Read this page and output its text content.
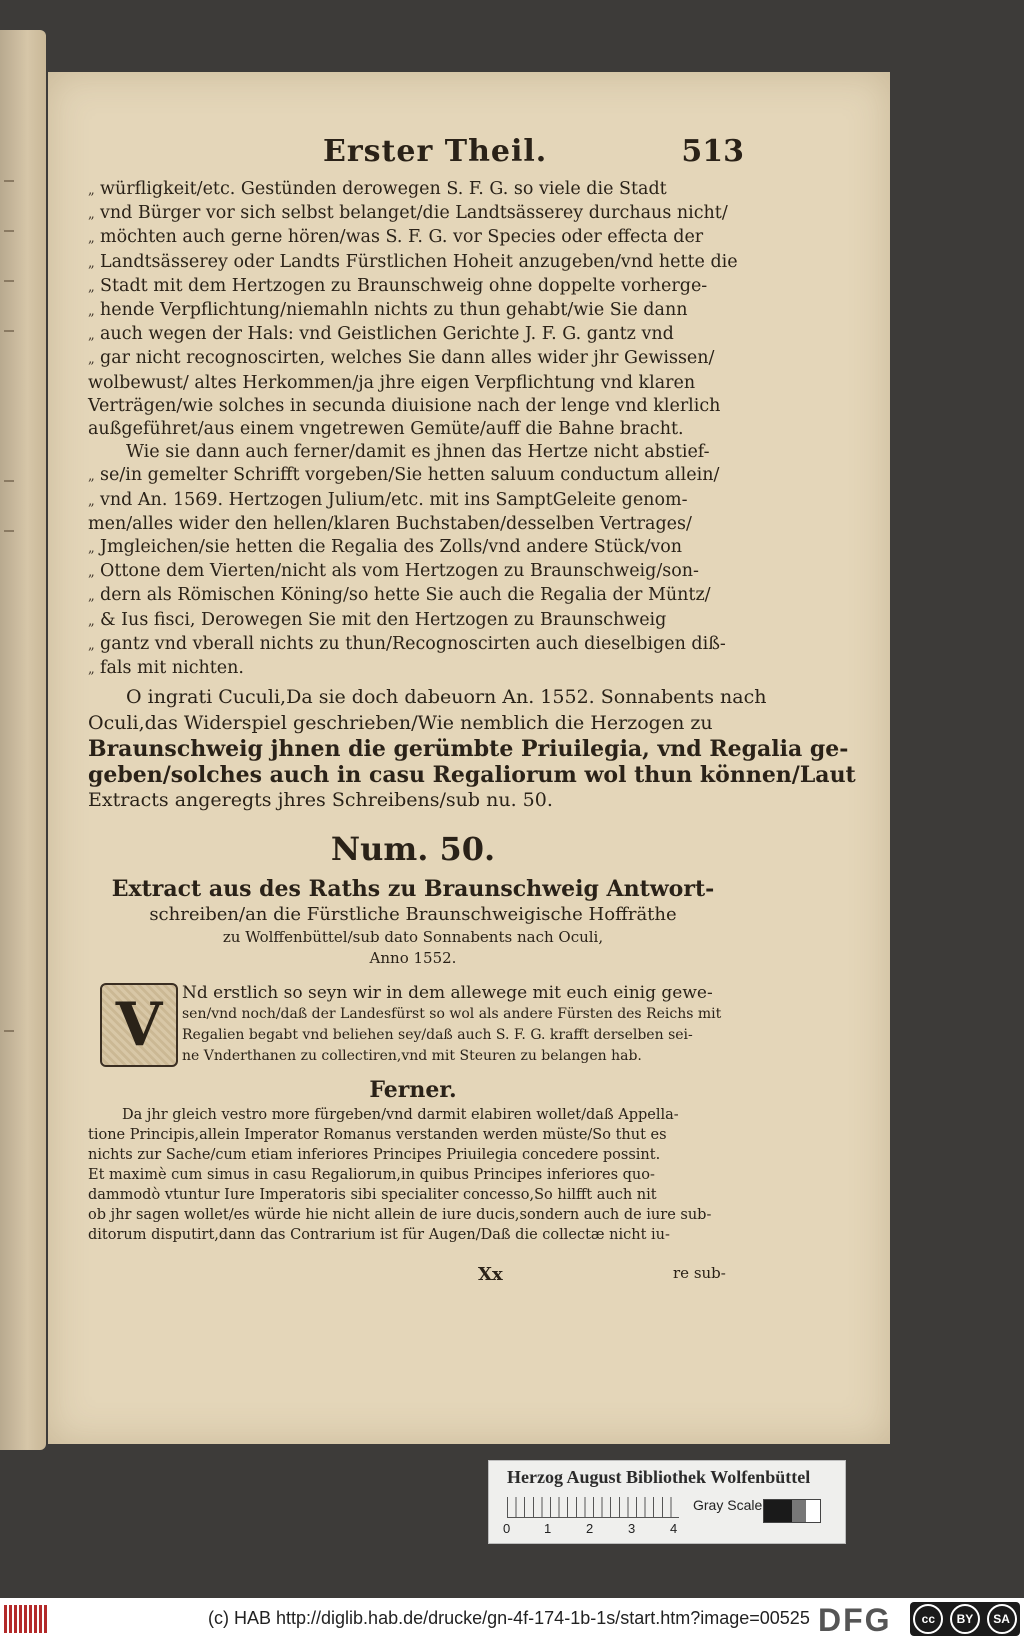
Erster Theil.	513
„ würfligkeit/etc. Gestünden derowegen S. F. G. so viele die Stadt
„ vnd Bürger vor sich selbst belanget/die Landtsässerey durchaus nicht/
„ möchten auch gerne hören/was S. F. G. vor Species oder effecta der
„ Landtsässerey oder Landts Fürstlichen Hoheit anzugeben/vnd hette die
„ Stadt mit dem Hertzogen zu Braunschweig ohne doppelte vorherge-
„ hende Verpflichtung/niemahln nichts zu thun gehabt/wie Sie dann
„ auch wegen der Hals: vnd Geistlichen Gerichte J. F. G. gantz vnd
„ gar nicht recognoscirten, welches Sie dann alles wider jhr Gewissen/
wolbewust/ altes Herkommen/ja jhre eigen Verpflichtung vnd klaren
Verträgen/wie solches in secunda diuisione nach der lenge vnd klerlich
außgeführet/aus einem vngetrewen Gemüte/auff die Bahne bracht.
Wie sie dann auch ferner/damit es jhnen das Hertze nicht abstief-
„ se/in gemelter Schrifft vorgeben/Sie hetten saluum conductum allein/
„ vnd An. 1569. Hertzogen Julium/etc. mit ins SamptGeleite genom-
men/alles wider den hellen/klaren Buchstaben/desselben Vertrages/
„ Jmgleichen/sie hetten die Regalia des Zolls/vnd andere Stück/von
„ Ottone dem Vierten/nicht als vom Hertzogen zu Braunschweig/son-
„ dern als Römischen Köning/so hette Sie auch die Regalia der Müntz/
„ & Ius fisci, Derowegen Sie mit den Hertzogen zu Braunschweig
„ gantz vnd vberall nichts zu thun/Recognoscirten auch dieselbigen diß-
„ fals mit nichten.
O ingrati Cuculi,Da sie doch dabeuorn An. 1552. Sonnabents nach
Oculi,das Widerspiel geschrieben/Wie nemblich die Herzogen zu
Braunschweig jhnen die gerümbte Priuilegia, vnd Regalia ge-
geben/solches auch in casu Regaliorum wol thun können/Laut
Extracts angeregts jhres Schreibens/sub nu. 50.
Num. 50.
Extract aus des Raths zu Braunschweig Antwort-
schreiben/an die Fürstliche Braunschweigische Hoffräthe
zu Wolffenbüttel/sub dato Sonnabents nach Oculi,
Anno 1552.
V	Nd erstlich so seyn wir in dem allewege mit euch einig gewe-
sen/vnd noch/daß der Landesfürst so wol als andere Fürsten des Reichs mit
Regalien begabt vnd beliehen sey/daß auch S. F. G. krafft derselben sei-
ne Vnderthanen zu collectiren,vnd mit Steuren zu belangen hab.
Ferner.
Da jhr gleich vestro more fürgeben/vnd darmit elabiren wollet/daß Appella-
tione Principis,allein Imperator Romanus verstanden werden müste/So thut es
nichts zur Sache/cum etiam inferiores Principes Priuilegia concedere possint.
Et maximè cum simus in casu Regaliorum,in quibus Principes inferiores quo-
dammodò vtuntur Iure Imperatoris sibi specialiter concesso,So hilfft auch nit
ob jhr sagen wollet/es würde hie nicht allein de iure ducis,sondern auch de iure sub-
ditorum disputirt,dann das Contrarium ist für Augen/Daß die collectæ nicht iu-
Xx	re sub-
Herzog August Bibliothek Wolfenbüttel
0	1	2	3	4
Gray Scale
(c) HAB http://diglib.hab.de/drucke/gn-4f-174-1b-1s/start.htm?image=00525 DFG	cc	BY	SA
